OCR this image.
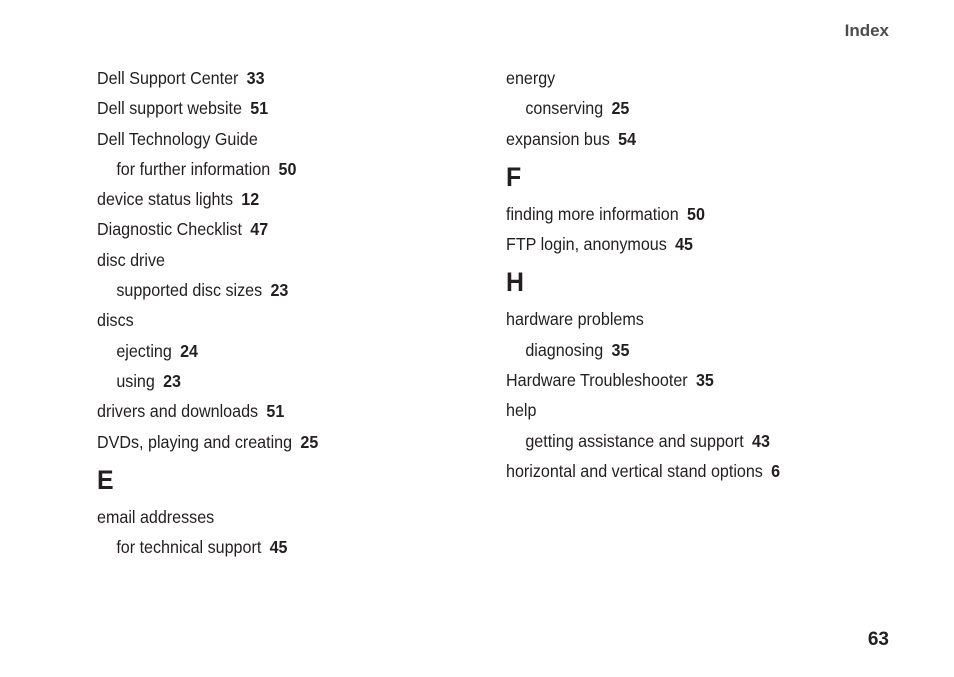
Index
Dell Support Center 33
Dell support website 51
Dell Technology Guide
for further information 50
device status lights 12
Diagnostic Checklist 47
disc drive
supported disc sizes 23
discs
ejecting 24
using 23
drivers and downloads 51
DVDs, playing and creating 25
E
email addresses
for technical support 45
energy
conserving 25
expansion bus 54
F
finding more information 50
FTP login, anonymous 45
H
hardware problems
diagnosing 35
Hardware Troubleshooter 35
help
getting assistance and support 43
horizontal and vertical stand options 6
63
